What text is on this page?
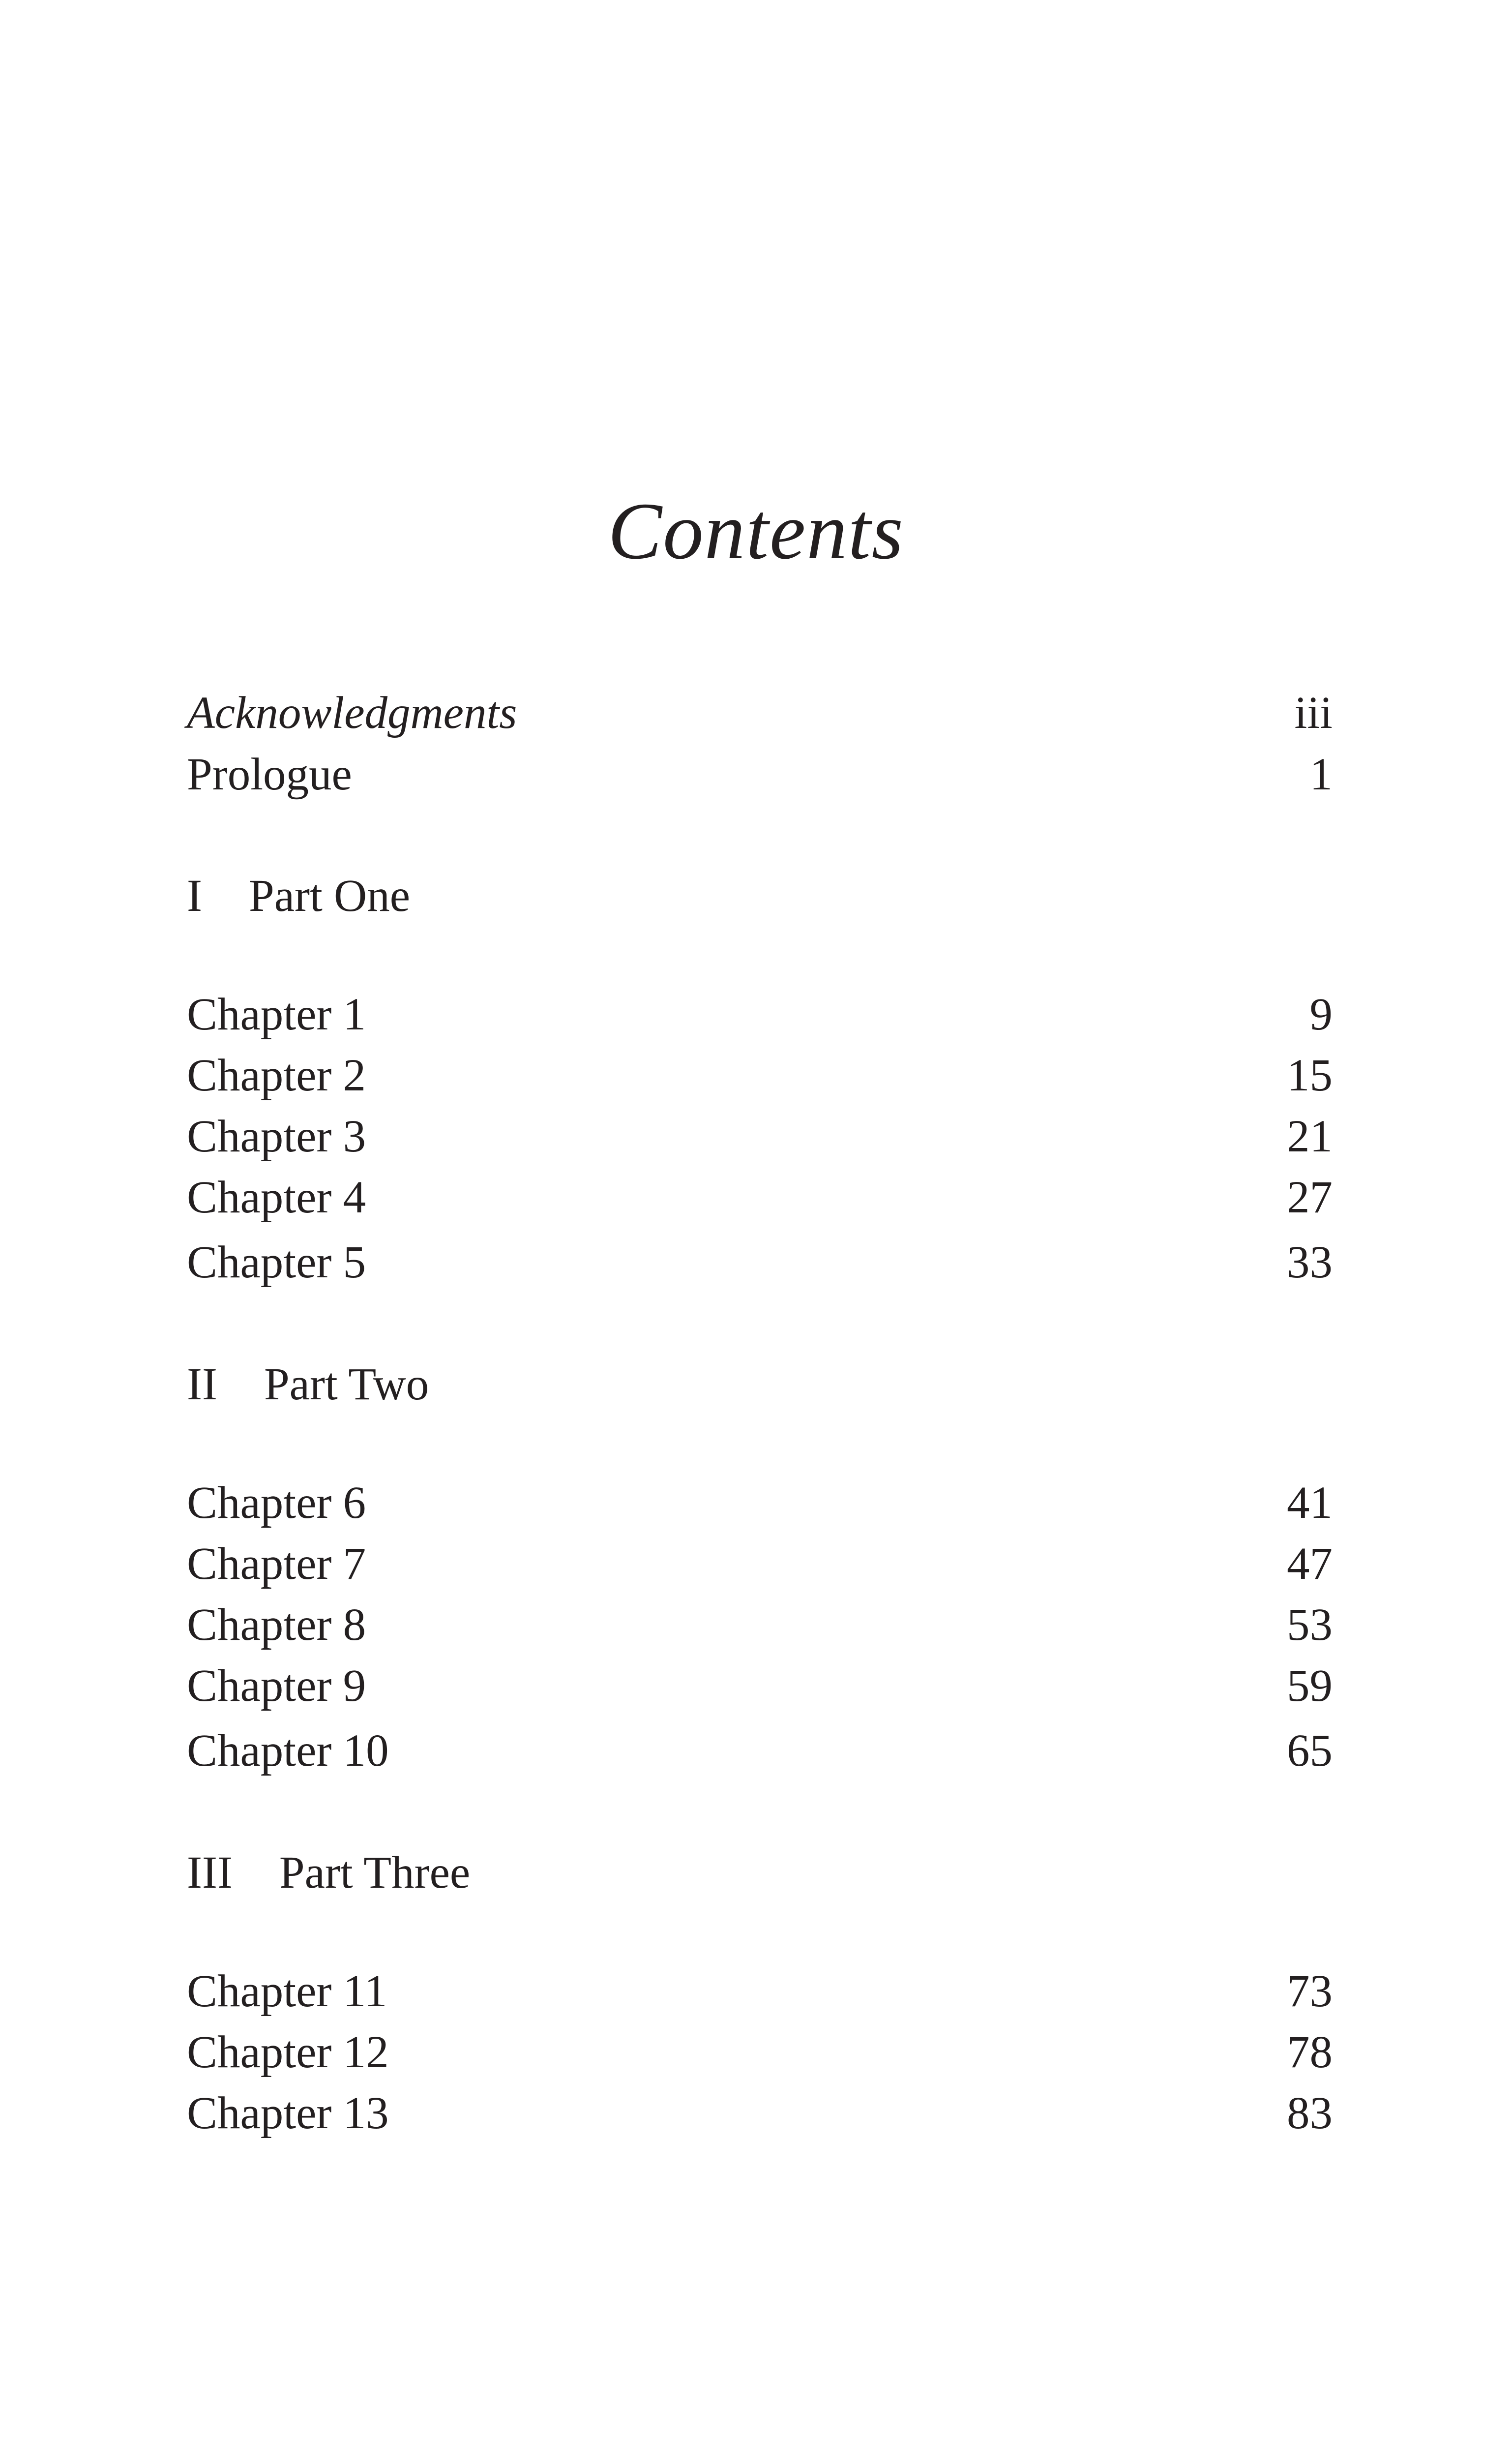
Contents
Acknowledgments	iii
Prologue	1
I Part One
Chapter 1	9
Chapter 2	15
Chapter 3	21
Chapter 4	27
Chapter 5	33
II Part Two
Chapter 6	41
Chapter 7	47
Chapter 8	53
Chapter 9	59
Chapter 10	65
III Part Three
Chapter 11	73
Chapter 12	78
Chapter 13	83
